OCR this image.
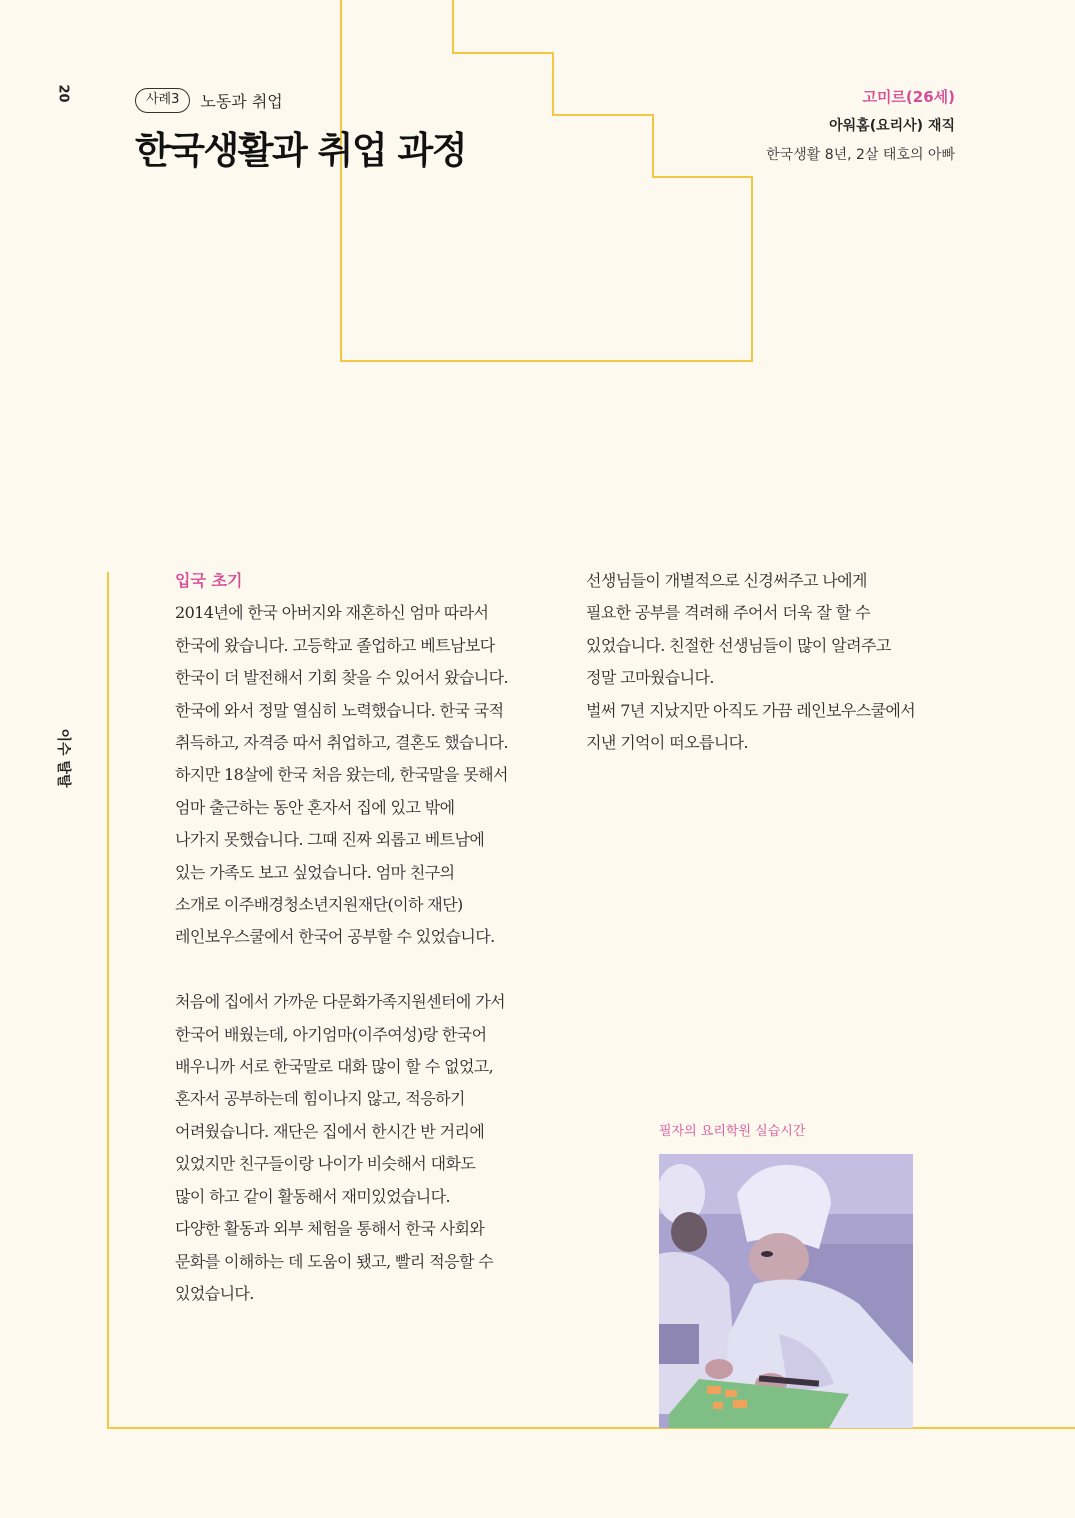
20
이수 탈탈
사례3	노동과 취업
한국생활과 취업 과정
고미르(26세)
아워홈(요리사) 재직
한국생활 8년, 2살 태호의 아빠

입국 초기

2014년에 한국 아버지와 재혼하신 엄마 따라서

한국에 왔습니다. 고등학교 졸업하고 베트남보다

한국이 더 발전해서 기회 찾을 수 있어서 왔습니다.

한국에 와서 정말 열심히 노력했습니다. 한국 국적

취득하고, 자격증 따서 취업하고, 결혼도 했습니다.

하지만 18살에 한국 처음 왔는데, 한국말을 못해서

엄마 출근하는 동안 혼자서 집에 있고 밖에

나가지 못했습니다. 그때 진짜 외롭고 베트남에

있는 가족도 보고 싶었습니다. 엄마 친구의

소개로 이주배경청소년지원재단(이하 재단)

레인보우스쿨에서 한국어 공부할 수 있었습니다.

처음에 집에서 가까운 다문화가족지원센터에 가서

한국어 배웠는데, 아기엄마(이주여성)랑 한국어

배우니까 서로 한국말로 대화 많이 할 수 없었고,

혼자서 공부하는데 힘이나지 않고, 적응하기

어려웠습니다. 재단은 집에서 한시간 반 거리에

있었지만 친구들이랑 나이가 비슷해서 대화도

많이 하고 같이 활동해서 재미있었습니다.

다양한 활동과 외부 체험을 통해서 한국 사회와

문화를 이해하는 데 도움이 됐고, 빨리 적응할 수

있었습니다.

선생님들이 개별적으로 신경써주고 나에게

필요한 공부를 격려해 주어서 더욱 잘 할 수

있었습니다. 친절한 선생님들이 많이 알려주고

정말 고마웠습니다.

벌써 7년 지났지만 아직도 가끔 레인보우스쿨에서

지낸 기억이 떠오릅니다.

필자의 요리학원 실습시간
